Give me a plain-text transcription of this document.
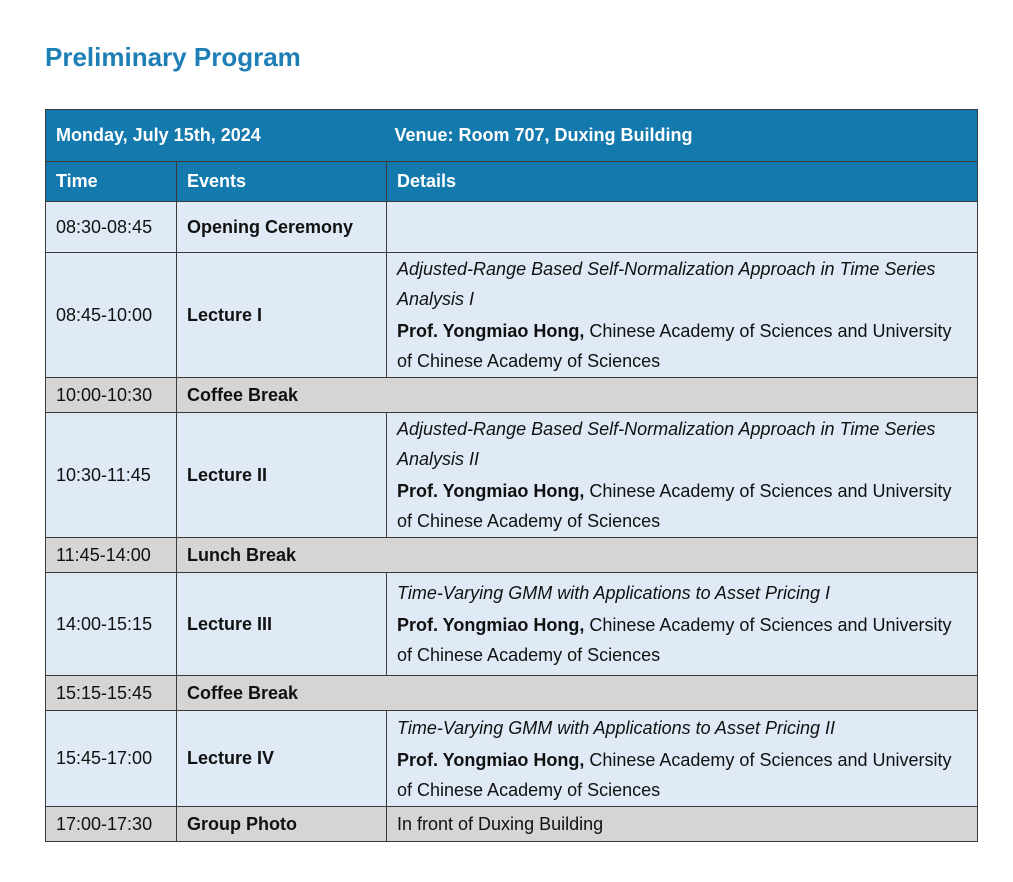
Preliminary Program
Monday, July 15th, 2024		Venue: Room 707, Duxing Building
Time	Events	Details
08:30-08:45	Opening Ceremony	
08:45-10:00	Lecture I	Adjusted-Range Based Self-Normalization Approach in Time Series Analysis I
Prof. Yongmiao Hong, Chinese Academy of Sciences and University of Chinese Academy of Sciences

10:00-10:30	Coffee Break	
10:30-11:45	Lecture II	Adjusted-Range Based Self-Normalization Approach in Time Series Analysis II
Prof. Yongmiao Hong, Chinese Academy of Sciences and University of Chinese Academy of Sciences

11:45-14:00	Lunch Break	
14:00-15:15	Lecture III	Time-Varying GMM with Applications to Asset Pricing I
Prof. Yongmiao Hong, Chinese Academy of Sciences and University of Chinese Academy of Sciences

15:15-15:45	Coffee Break	
15:45-17:00	Lecture IV	Time-Varying GMM with Applications to Asset Pricing II
Prof. Yongmiao Hong, Chinese Academy of Sciences and University of Chinese Academy of Sciences

17:00-17:30	Group Photo	In front of Duxing Building
